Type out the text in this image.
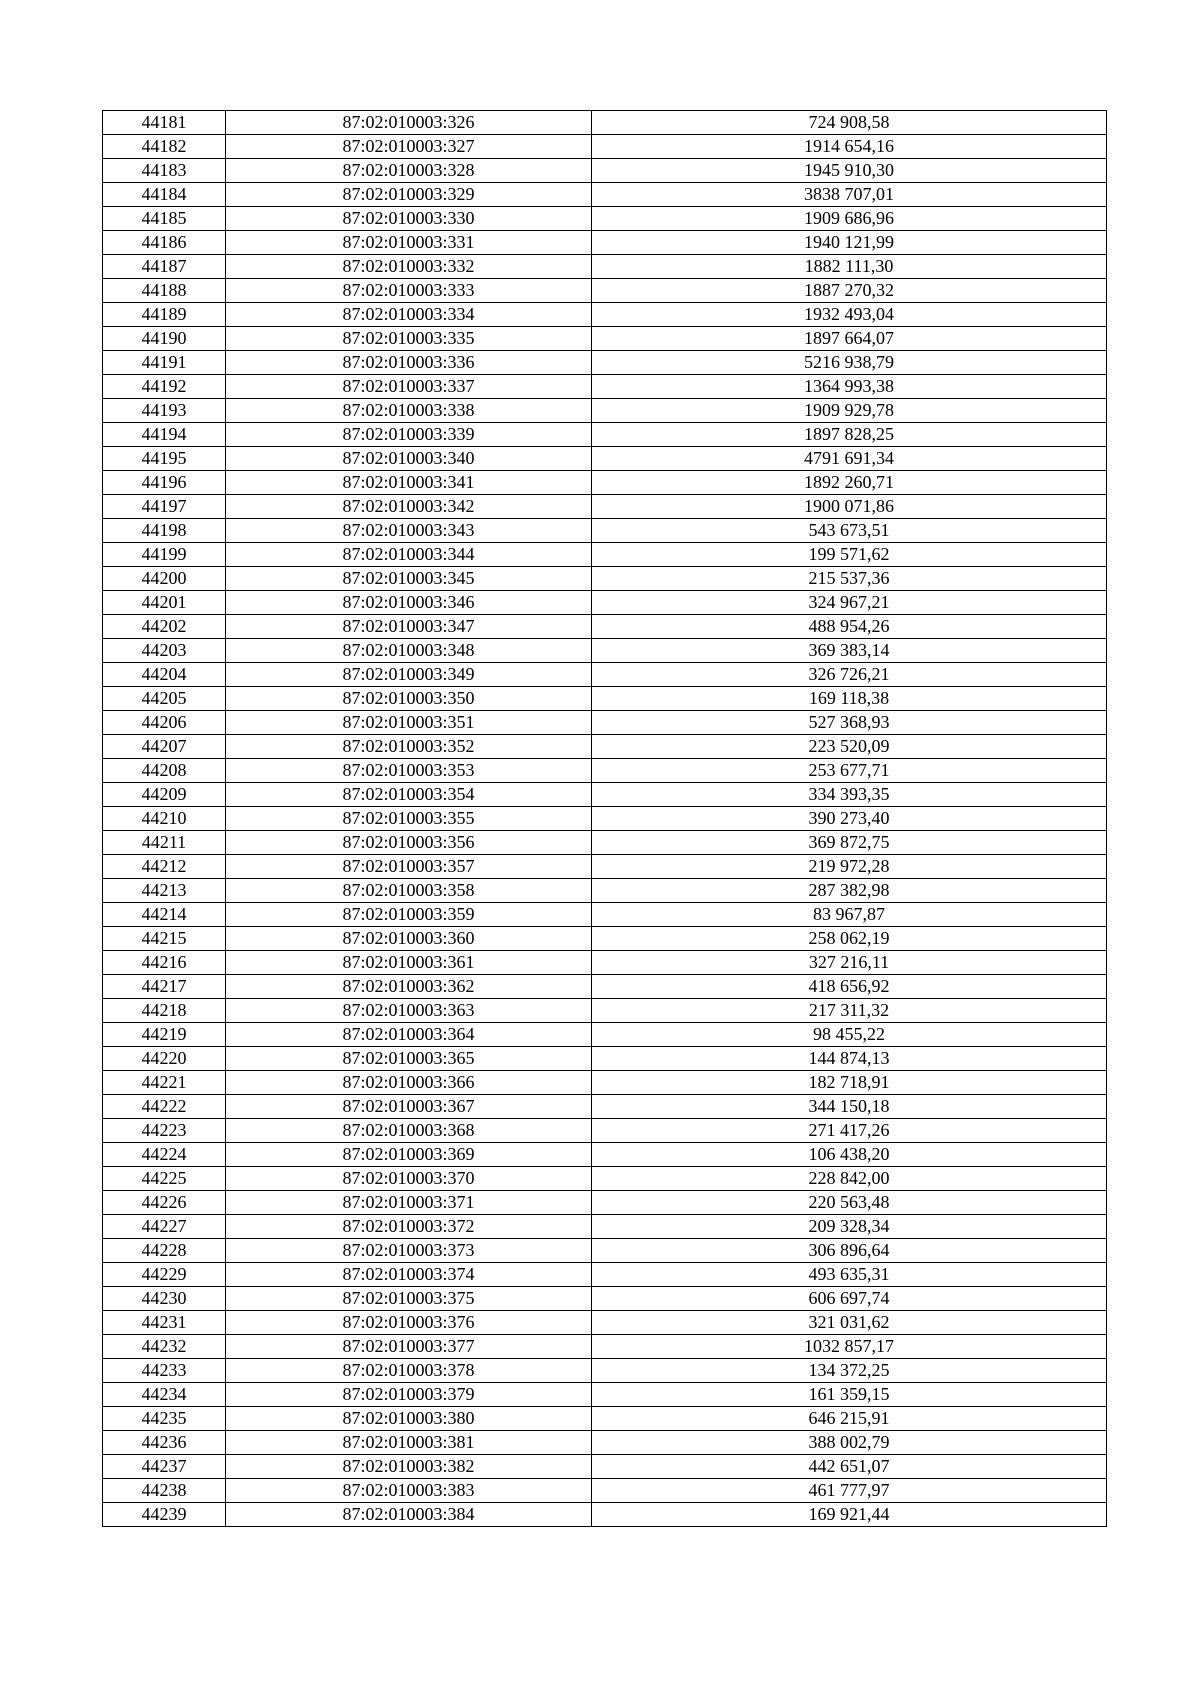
44181	87:02:010003:326	724 908,58
44182	87:02:010003:327	1914 654,16
44183	87:02:010003:328	1945 910,30
44184	87:02:010003:329	3838 707,01
44185	87:02:010003:330	1909 686,96
44186	87:02:010003:331	1940 121,99
44187	87:02:010003:332	1882 111,30
44188	87:02:010003:333	1887 270,32
44189	87:02:010003:334	1932 493,04
44190	87:02:010003:335	1897 664,07
44191	87:02:010003:336	5216 938,79
44192	87:02:010003:337	1364 993,38
44193	87:02:010003:338	1909 929,78
44194	87:02:010003:339	1897 828,25
44195	87:02:010003:340	4791 691,34
44196	87:02:010003:341	1892 260,71
44197	87:02:010003:342	1900 071,86
44198	87:02:010003:343	543 673,51
44199	87:02:010003:344	199 571,62
44200	87:02:010003:345	215 537,36
44201	87:02:010003:346	324 967,21
44202	87:02:010003:347	488 954,26
44203	87:02:010003:348	369 383,14
44204	87:02:010003:349	326 726,21
44205	87:02:010003:350	169 118,38
44206	87:02:010003:351	527 368,93
44207	87:02:010003:352	223 520,09
44208	87:02:010003:353	253 677,71
44209	87:02:010003:354	334 393,35
44210	87:02:010003:355	390 273,40
44211	87:02:010003:356	369 872,75
44212	87:02:010003:357	219 972,28
44213	87:02:010003:358	287 382,98
44214	87:02:010003:359	83 967,87
44215	87:02:010003:360	258 062,19
44216	87:02:010003:361	327 216,11
44217	87:02:010003:362	418 656,92
44218	87:02:010003:363	217 311,32
44219	87:02:010003:364	98 455,22
44220	87:02:010003:365	144 874,13
44221	87:02:010003:366	182 718,91
44222	87:02:010003:367	344 150,18
44223	87:02:010003:368	271 417,26
44224	87:02:010003:369	106 438,20
44225	87:02:010003:370	228 842,00
44226	87:02:010003:371	220 563,48
44227	87:02:010003:372	209 328,34
44228	87:02:010003:373	306 896,64
44229	87:02:010003:374	493 635,31
44230	87:02:010003:375	606 697,74
44231	87:02:010003:376	321 031,62
44232	87:02:010003:377	1032 857,17
44233	87:02:010003:378	134 372,25
44234	87:02:010003:379	161 359,15
44235	87:02:010003:380	646 215,91
44236	87:02:010003:381	388 002,79
44237	87:02:010003:382	442 651,07
44238	87:02:010003:383	461 777,97
44239	87:02:010003:384	169 921,44
